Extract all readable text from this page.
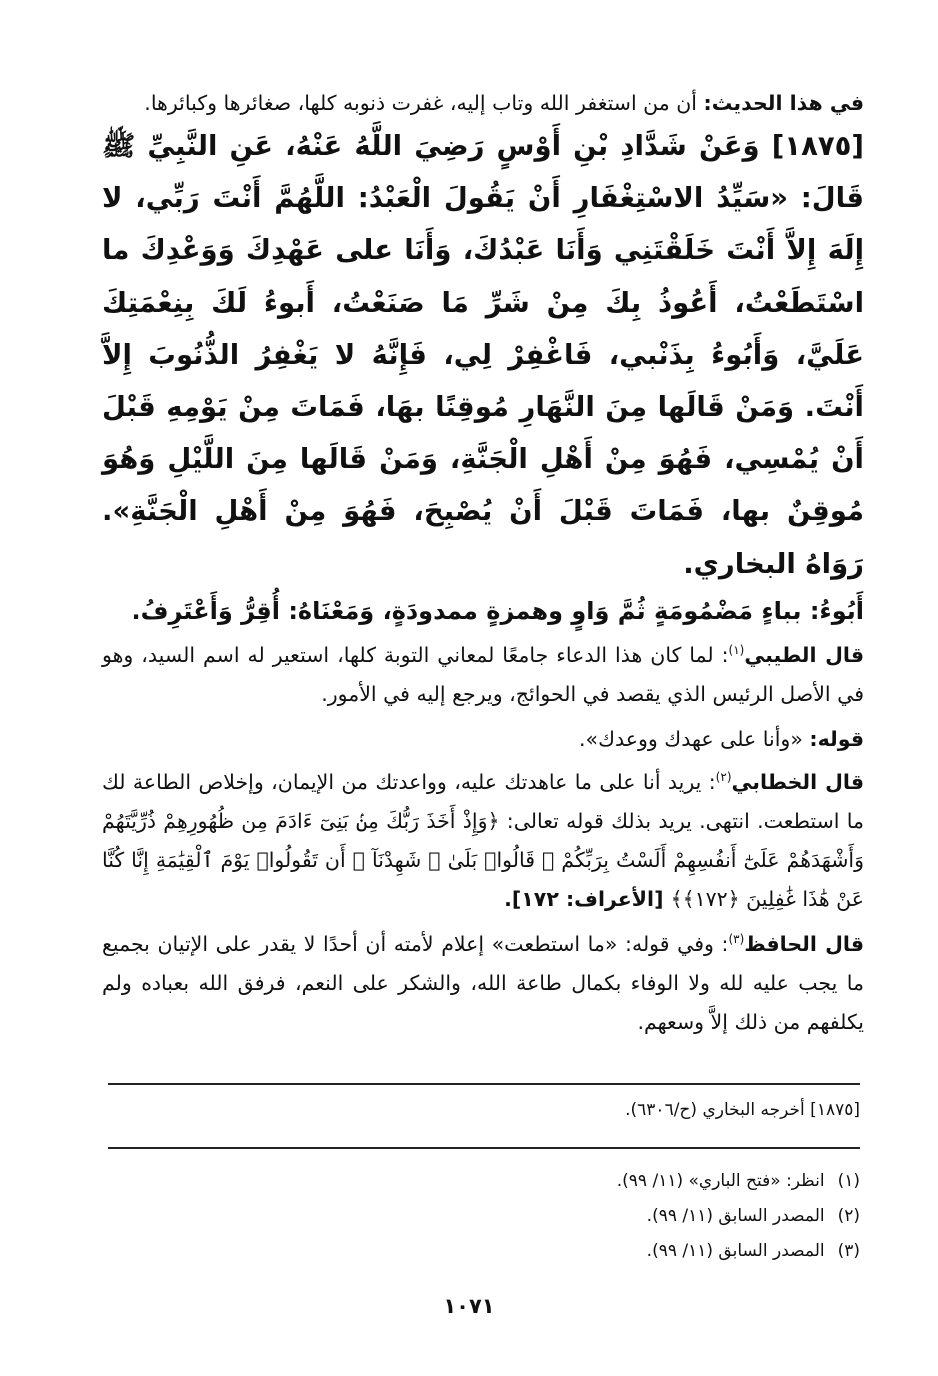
في هذا الحديث: أن من استغفر الله وتاب إليه، غفرت ذنوبه كلها، صغائرها وكبائرها.

[١٨٧٥] وَعَنْ شَدَّادِ بْنِ أَوْسٍ رَضِيَ اللَّهُ عَنْهُ، عَنِ النَّبِيِّ ﷺ قَالَ: «سَيِّدُ الاسْتِغْفَارِ أَنْ يَقُولَ الْعَبْدُ: اللَّهُمَّ أَنْتَ رَبِّي، لا إِلَهَ إِلاَّ أَنْتَ خَلَقْتَنِي وَأَنَا عَبْدُكَ، وَأَنَا على عَهْدِكَ وَوَعْدِكَ ما اسْتَطَعْتُ، أَعُوذُ بِكَ مِنْ شَرِّ مَا صَنَعْتُ، أَبوءُ لَكَ بِنِعْمَتِكَ عَلَيَّ، وَأَبُوءُ بِذَنْبي، فَاغْفِرْ لِي، فَإِنَّهُ لا يَغْفِرُ الذُّنُوبَ إِلاَّ أَنْتَ. وَمَنْ قَالَها مِنَ النَّهَارِ مُوقِنًا بهَا، فَمَاتَ مِنْ يَوْمِهِ قَبْلَ أَنْ يُمْسِي، فَهُوَ مِنْ أَهْلِ الْجَنَّةِ، وَمَنْ قَالَها مِنَ اللَّيْلِ وَهُوَ مُوقِنٌ بها، فَمَاتَ قَبْلَ أَنْ يُصْبِحَ، فَهُوَ مِنْ أَهْلِ الْجَنَّةِ». رَوَاهُ البخاري.

أَبُوءُ: بباءٍ مَضْمُومَةٍ ثُمَّ وَاوٍ وهمزةٍ ممدودَةٍ، وَمَعْنَاهُ: أُقِرُّ وَأَعْتَرِفُ.

قال الطيبي$^{(١)}$: لما كان هذا الدعاء جامعًا لمعاني التوبة كلها، استعير له اسم السيد، وهو في الأصل الرئيس الذي يقصد في الحوائج، ويرجع إليه في الأمور.

قوله: «وأنا على عهدك ووعدك».

قال الخطابي$^{(٢)}$: يريد أنا على ما عاهدتك عليه، وواعدتك من الإيمان، وإخلاص الطاعة لك ما استطعت. انتهى. يريد بذلك قوله تعالى: ﴿وَإِذْ أَخَذَ رَبُّكَ مِنۢ بَنِىٓ ءَادَمَ مِن ظُهُورِهِمْ ذُرِّيَّتَهُمْ وَأَشْهَدَهُمْ عَلَىٰٓ أَنفُسِهِمْ أَلَسْتُ بِرَبِّكُمْ ۖ قَالُوا۟ بَلَىٰ ۛ شَهِدْنَآ ۛ أَن تَقُولُوا۟ يَوْمَ ٱلْقِيَٰمَةِ إِنَّا كُنَّا عَنْ هَٰذَا غَٰفِلِينَ ﴿١٧٢﴾﴾ [الأعراف: ١٧٢].

قال الحافظ$^{(٣)}$: وفي قوله: «ما استطعت» إعلام لأمته أن أحدًا لا يقدر على الإتيان بجميع ما يجب عليه لله ولا الوفاء بكمال طاعة الله، والشكر على النعم، فرفق الله بعباده ولم يكلفهم من ذلك إلاَّ وسعهم.

[١٨٧٥] أخرجه البخاري (ح/٦٣٠٦).
(١) انظر: «فتح الباري» (١١/ ٩٩).
(٢) المصدر السابق (١١/ ٩٩).
(٣) المصدر السابق (١١/ ٩٩).
١٠٧١
